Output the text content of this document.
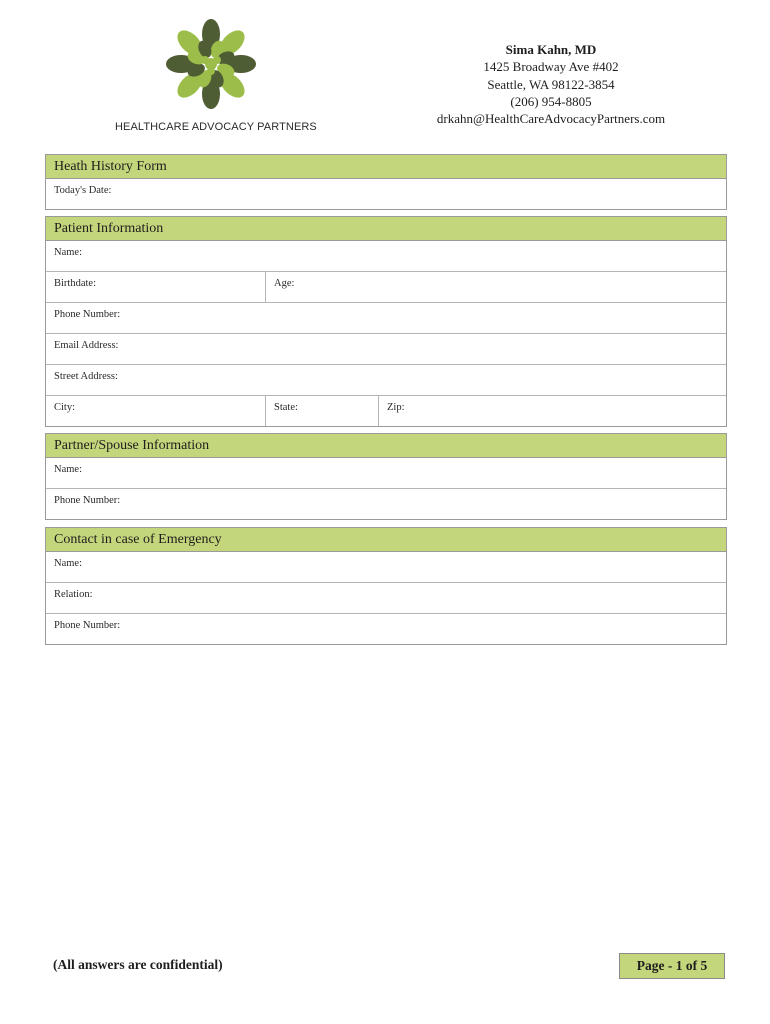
HEALTHCARE ADVOCACY PARTNERS
Sima Kahn, MD
1425 Broadway Ave #402
Seattle, WA 98122-3854
(206) 954-8805
drkahn@HealthCareAdvocacyPartners.com
Heath History Form
Today's Date:
Patient Information
Name:
Birthdate:	Age:
Phone Number:
Email Address:
Street Address:
City:	State:	Zip:
Partner/Spouse Information
Name:
Phone Number:
Contact in case of Emergency
Name:
Relation:
Phone Number:
(All answers are confidential)	Page - 1 of 5
